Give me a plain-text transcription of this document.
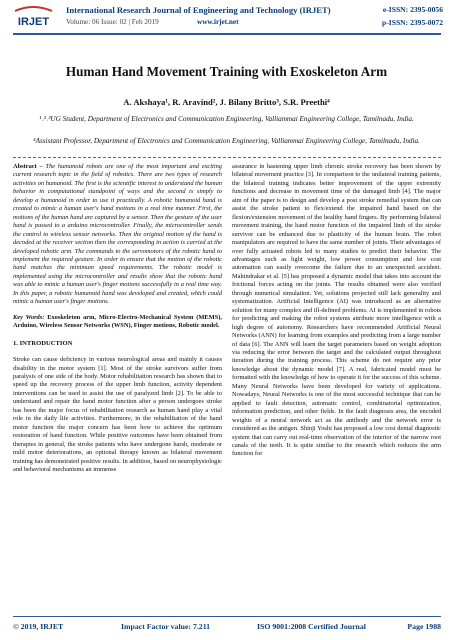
IRJET
International Research Journal of Engineering and Technology (IRJET)	e-ISSN: 2395-0056
Volume: 06 Issue: 02 | Feb 2019	www.irjet.net	p-ISSN: 2395-0072
Human Hand Movement Training with Exoskeleton Arm
A. Akshaya¹, R. Aravind², J. Bilany Britto³, S.R. Preethi⁴
¹˒²˒³UG Student, Department of Electronics and Communication Engineering, Valliammai Engineering College, Tamilnadu, India.
⁴Assistant Professor, Department of Electronics and Communication Engineering, Valliammai Engineering College, Tamilnadu, India.

Abstract – The humanoid robots are one of the most important and exciting current research topic in the field of robotics. There are two types of research activities on humanoid. The first is the scientific interest to understand the human behavior in computational standpoint of ways and the second is simply to develop a humanoid in order to use it practically. A robotic humanoid hand is created to mimic a human user's hand motions in a real time manner. First, the motions of the human hand are captured by a sensor. Then the gesture of the user hand is passed to a arduino microcontroller. Finally, the microcontroller sends the control to wireless sensor networks. Then the original motion of the hand is decoded at the receiver section then the corresponding in action is carried at the developed robotic arm. The commands to the servomotors of the robotic hand to implement the required gesture. In order to ensure that the motion of the robotic hand matches the minimum speed requirements. The robotic model is implemented using the microcontroller and results show that the robotic hand was able to mimic a human user's finger motions successfully in a real time way. In this paper, a robotic humanoid hand was developed and created, which could mimic a human user's finger motions.

Key Words: Exoskeleton arm, Micro-Electro-Mechanical System (MEMS), Arduino, Wireless Sensor Networks (WSN), Finger motions, Robotic model.

1. INTRODUCTION

Stroke can cause deficiency in various neurological areas and mainly it causes disability in the motor system [1]. Most of the stroke survivors suffer from paralysis of one side of the body. Motor rehabilitation research has shown that to speed up the recovery process of the upper limb function, activity dependent interventions can be used to assist the use of paralyzed limb [2]. To be able to understand and repair the hand motor function after a person undergoes stroke has been the major focus of rehabilitation research as human hand play a vital role in the daily life activities. Furthermore, in the rehabilitation of the hand motor function the major concern has been how to achieve the optimum restoration of hand function. While positive outcomes have been obtained from therapies in general, the stroke patients who have undergone harsh, moderate or mild motor deteriorations, an optional therapy known as bilateral movement training has demonstrated positive results. In addition, based on neurophysiologic and behavioral mechanisms an immense

assurance in hastening upper limb chronic stroke recovery has been shown by bilateral movement practice [3]. In comparison to the unilateral training patients, the bilateral training indicates better improvement of the upper extremity functions and decrease in movement time of the damaged limb [4]. The major aim of the paper is to design and develop a post stroke remedial system that can assist the stroke patient to flex/extend the impaired hand based on the flexion/extension movement of the healthy hand fingers. By performing bilateral movement training, the hand motor function of the impaired limb of the stroke survivor can be enhanced due to plasticity of the human brain. The robot manipulators are required to have the same number of joints. Their advantages of over fully actuated robots led to many studies to predict their behavior. The advantages such as light weight, low power consumption and low cost automation can easily overcome the failure due to an unexpected accident. Mahindrakar et al. [5] has proposed a dynamic model that takes into account the frictional forces acting on the joints. The results obtained were also verified through numerical simulation. Yet, solutions projected still lack generality and systematization. Artificial Intelligence (AI) was introduced as an alternative solution for many complex and ill-defined problems. AI is implemented in robots for predicting and making the robot systems attribute more intelligence with a high degree of autonomy. Researchers have recommended Artificial Neural Networks (ANN) for learning from examples and predicting from a large number of data [6]. The ANN will learn the target parameters based on weight adoption via reducing the error between the target and the calculated output throughout iteration during the training process. This scheme do not require any prior knowledge about the dynamic model [7]. A real, fabricated model must be formatted with the knowledge of how to operate it for the success of this scheme. Many Neural Networks have been developed for variety of applications. Nowadays, Neural Networks is one of the most successful technique that can be applied to fault detection, automatic control, combinatorial optimization, information prediction, and other fields. In the fault diagnosis area, the encoded weights of a neural network act as the antibody and the network error is considered as the antigen. Shinji Yoshi has proposed a low cost dental diagnostic system that can carry out real-time observation of the interior of the narrow root canals of the teeth. It is quite similar to the research which reduces the arm function for

© 2019, IRJET	Impact Factor value: 7.211	ISO 9001:2008 Certified Journal	Page 1988
